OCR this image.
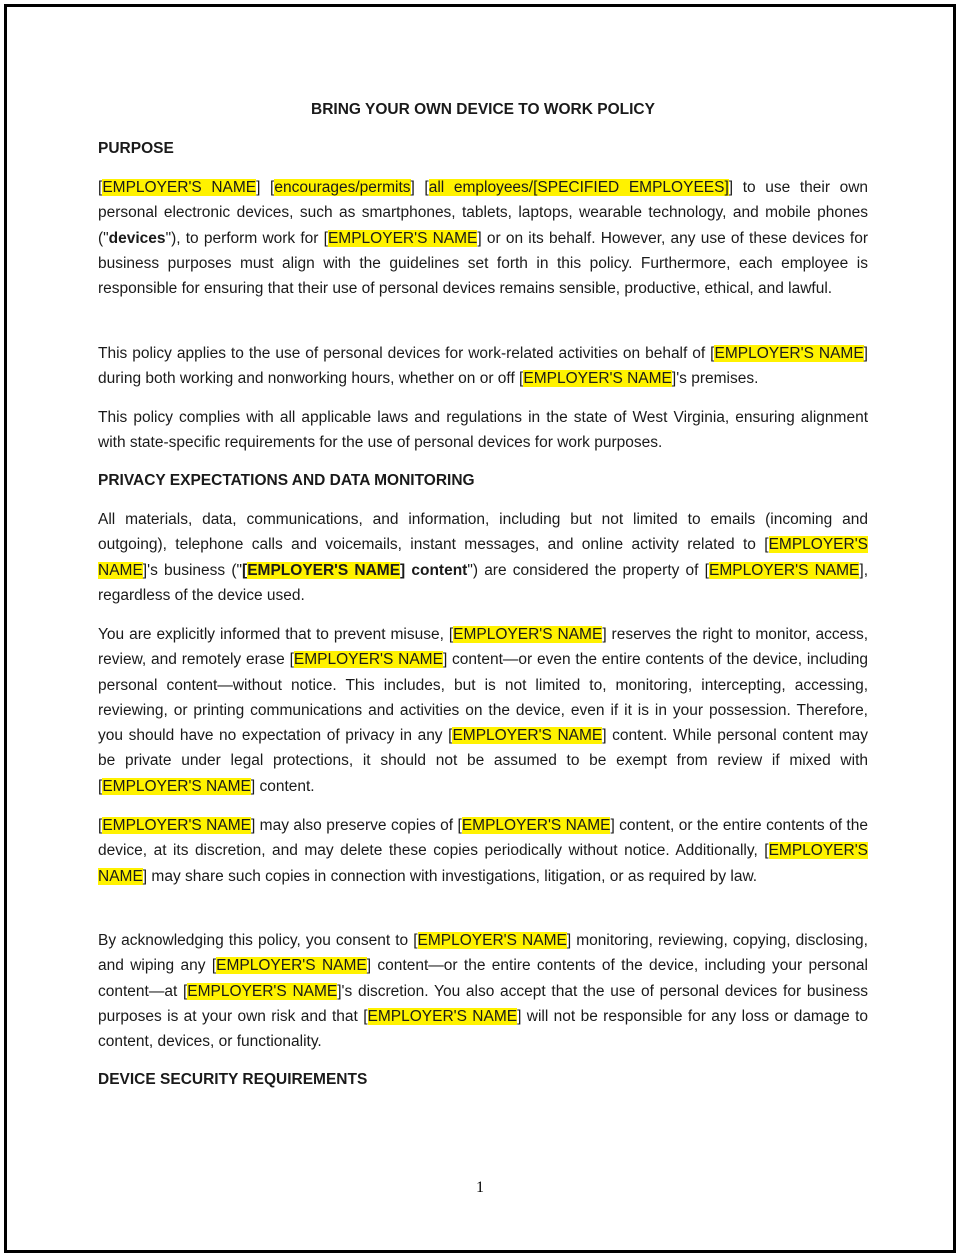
BRING YOUR OWN DEVICE TO WORK POLICY
PURPOSE

[EMPLOYER'S NAME] [encourages/permits] [all employees/[SPECIFIED EMPLOYEES]] to use their own personal electronic devices, such as smartphones, tablets, laptops, wearable technology, and mobile phones ("devices"), to perform work for [EMPLOYER'S NAME] or on its behalf. However, any use of these devices for business purposes must align with the guidelines set forth in this policy. Furthermore, each employee is responsible for ensuring that their use of personal devices remains sensible, productive, ethical, and lawful.

This policy applies to the use of personal devices for work-related activities on behalf of [EMPLOYER'S NAME] during both working and nonworking hours, whether on or off [EMPLOYER'S NAME]'s premises.

This policy complies with all applicable laws and regulations in the state of West Virginia, ensuring alignment with state-specific requirements for the use of personal devices for work purposes.

PRIVACY EXPECTATIONS AND DATA MONITORING

All materials, data, communications, and information, including but not limited to emails (incoming and outgoing), telephone calls and voicemails, instant messages, and online activity related to [EMPLOYER'S NAME]'s business ("[EMPLOYER'S NAME] content") are considered the property of [EMPLOYER'S NAME], regardless of the device used.

You are explicitly informed that to prevent misuse, [EMPLOYER'S NAME] reserves the right to monitor, access, review, and remotely erase [EMPLOYER'S NAME] content—or even the entire contents of the device, including personal content—without notice. This includes, but is not limited to, monitoring, intercepting, accessing, reviewing, or printing communications and activities on the device, even if it is in your possession. Therefore, you should have no expectation of privacy in any [EMPLOYER'S NAME] content. While personal content may be private under legal protections, it should not be assumed to be exempt from review if mixed with [EMPLOYER'S NAME] content.

[EMPLOYER'S NAME] may also preserve copies of [EMPLOYER'S NAME] content, or the entire contents of the device, at its discretion, and may delete these copies periodically without notice. Additionally, [EMPLOYER'S NAME] may share such copies in connection with investigations, litigation, or as required by law.

By acknowledging this policy, you consent to [EMPLOYER'S NAME] monitoring, reviewing, copying, disclosing, and wiping any [EMPLOYER'S NAME] content—or the entire contents of the device, including your personal content—at [EMPLOYER'S NAME]'s discretion. You also accept that the use of personal devices for business purposes is at your own risk and that [EMPLOYER'S NAME] will not be responsible for any loss or damage to content, devices, or functionality.

DEVICE SECURITY REQUIREMENTS
1
